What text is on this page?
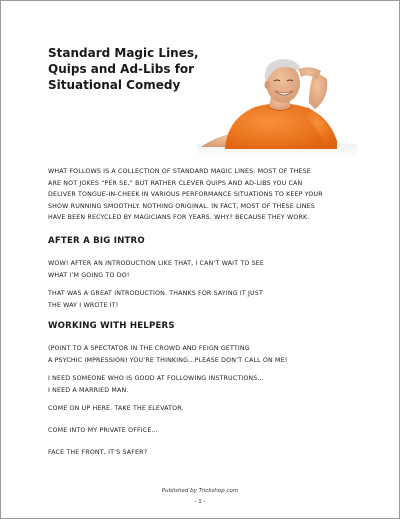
Standard Magic Lines,
Quips and Ad-Libs for
Situational Comedy
WHAT FOLLOWS IS A COLLECTION OF STANDARD MAGIC LINES. MOST OF THESE
ARE NOT JOKES “PER SE,” BUT RATHER CLEVER QUIPS AND AD-LIBS YOU CAN
DELIVER TONGUE-IN-CHEEK IN VARIOUS PERFORMANCE SITUATIONS TO KEEP YOUR
SHOW RUNNING SMOOTHLY. NOTHING ORIGINAL. IN FACT, MOST OF THESE LINES
HAVE BEEN RECYCLED BY MAGICIANS FOR YEARS. WHY? BECAUSE THEY WORK.
AFTER A BIG INTRO
WOW! AFTER AN INTRODUCTION LIKE THAT, I CAN’T WAIT TO SEE
WHAT I’M GOING TO DO!
THAT WAS A GREAT INTRODUCTION. THANKS FOR SAYING IT JUST
THE WAY I WROTE IT!
WORKING WITH HELPERS
(POINT TO A SPECTATOR IN THE CROWD AND FEIGN GETTING
A PSYCHIC IMPRESSION) YOU’RE THINKING…PLEASE DON’T CALL ON ME!
I NEED SOMEONE WHO IS GOOD AT FOLLOWING INSTRUCTIONS…
I NEED A MARRIED MAN.
COME ON UP HERE. TAKE THE ELEVATOR.
COME INTO MY PRIVATE OFFICE…
FACE THE FRONT, IT’S SAFER?
Published by Trickshop.com
- 1 -
